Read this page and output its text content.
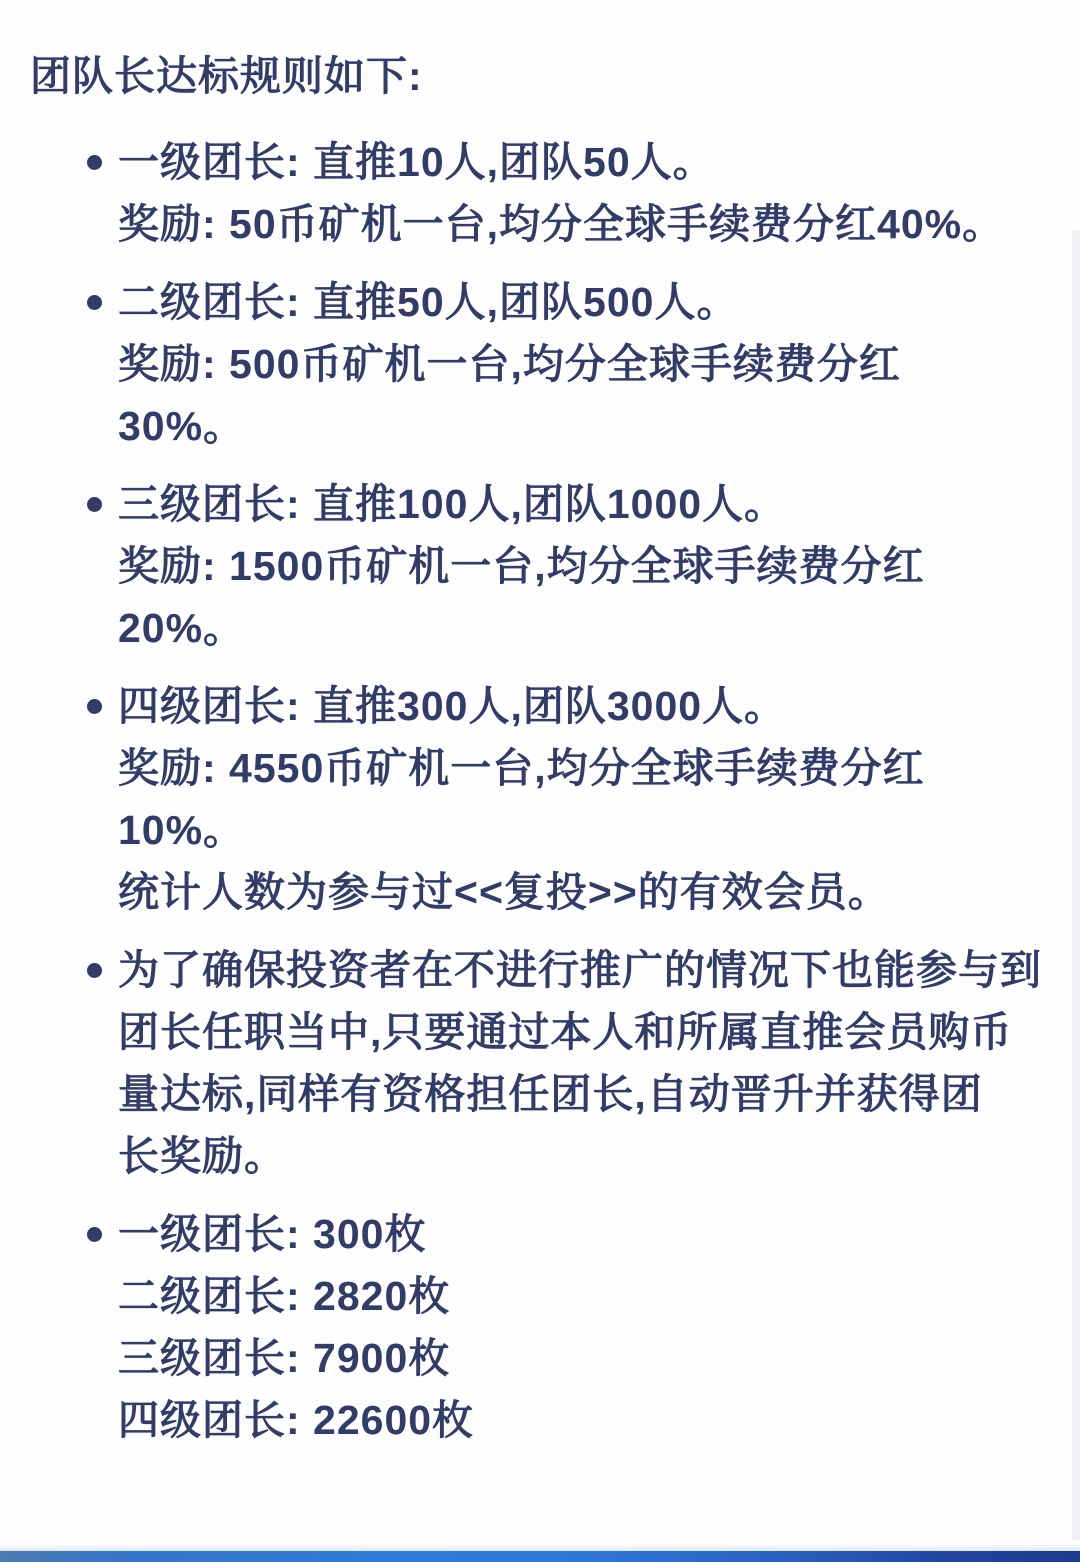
团队长达标规则如下:
一级团长: 直推10人,团队50人。
奖励: 50币矿机一台,均分全球手续费分红40%。
二级团长: 直推50人,团队500人。
奖励: 500币矿机一台,均分全球手续费分红
30%。
三级团长: 直推100人,团队1000人。
奖励: 1500币矿机一台,均分全球手续费分红
20%。
四级团长: 直推300人,团队3000人。
奖励: 4550币矿机一台,均分全球手续费分红
10%。
统计人数为参与过<<复投>>的有效会员。
为了确保投资者在不进行推广的情况下也能参与到
团长任职当中,只要通过本人和所属直推会员购币
量达标,同样有资格担任团长,自动晋升并获得团
长奖励。
一级团长: 300枚
二级团长: 2820枚
三级团长: 7900枚
四级团长: 22600枚
